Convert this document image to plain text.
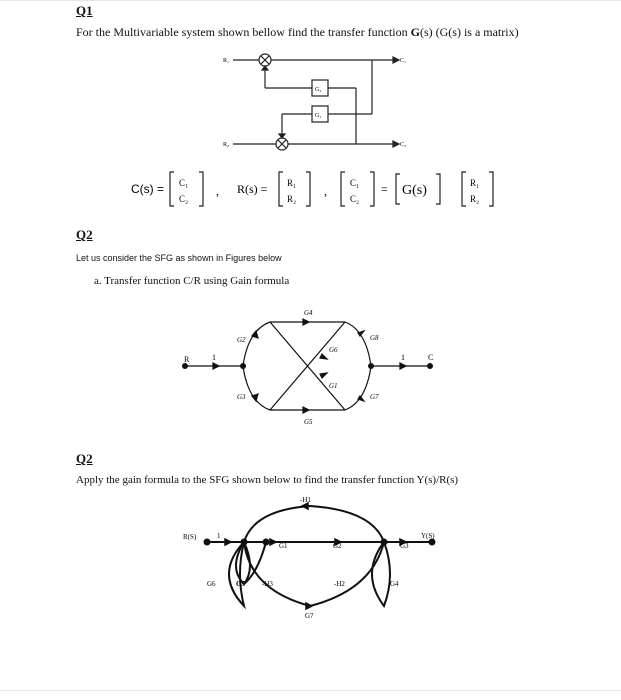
Q1
For the Multivariable system shown bellow find the transfer function G(s) (G(s) is a matrix)
R₁
R₂
C₁
C₂
G₂
G₁
C(s) = C₁
C₂
, R(s) = R₁
R₂
,
C₁
C₂
= G(s)	R₁
R₂
Q2
Let us consider the SFG as shown in Figures below
a. Transfer function C/R using Gain formula
R	1	1	C
G2
G3
G4
G5
G6
G1
G8
G7
Q2
Apply the gain formula to the SFG shown below to find the transfer function Y(s)/R(s)
R(S)	1
-H1
G1	G2	G3
Y(S)
G6	G5 -H3	-H2	G4
G7
